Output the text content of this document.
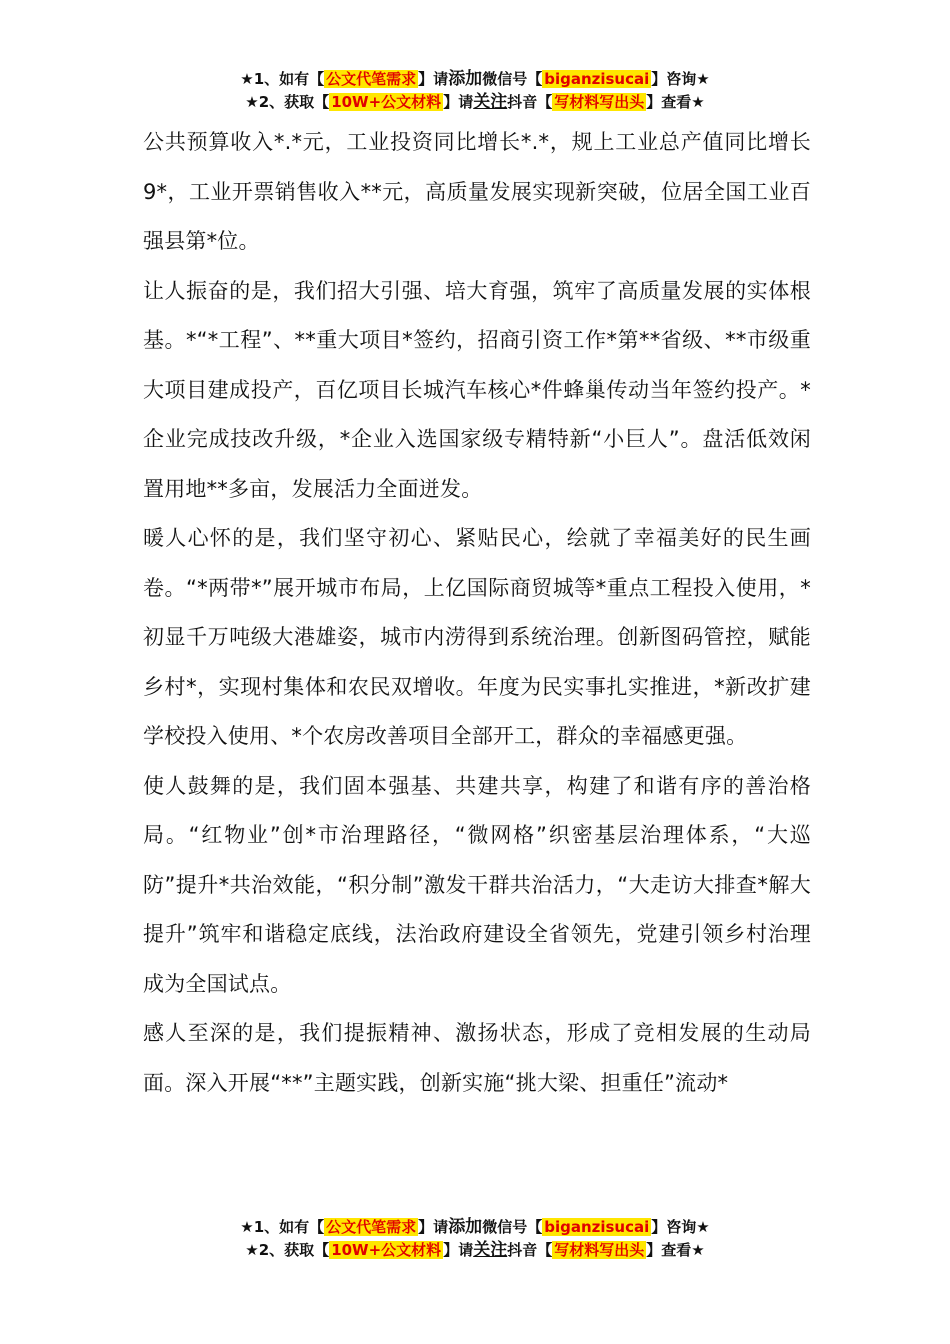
★1、如有【 公文代笔需求 】请添加微信号【 biganzisucai 】咨询★
★2、获取【 10W+公文材料 】请关注抖音【 写材料写出头 】查看★

公共预算收入*.*元，工业投资同比增长*.*，规上工业总产值同比增长9*，工业开票销售收入**元，高质量发展实现新突破，位居全国工业百强县第*位。

让人振奋的是，我们招大引强、培大育强，筑牢了高质量发展的实体根基。*“*工程”、**重大项目*签约，招商引资工作*第**省级、**市级重大项目建成投产，百亿项目长城汽车核心*件蜂巢传动当年签约投产。*企业完成技改升级，*企业入选国家级专精特新“小巨人”。盘活低效闲置用地**多亩，发展活力全面迸发。

暖人心怀的是，我们坚守初心、紧贴民心，绘就了幸福美好的民生画卷。“*两带*”展开城市布局，上亿国际商贸城等*重点工程投入使用，*初显千万吨级大港雄姿，城市内涝得到系统治理。创新图码管控，赋能乡村*，实现村集体和农民双增收。年度为民实事扎实推进，*新改扩建学校投入使用、*个农房改善项目全部开工，群众的幸福感更强。

使人鼓舞的是，我们固本强基、共建共享，构建了和谐有序的善治格局。“红物业”创*市治理路径，“微网格”织密基层治理体系，“大巡防”提升*共治效能，“积分制”激发干群共治活力，“大走访大排查*解大提升”筑牢和谐稳定底线，法治政府建设全省领先，党建引领乡村治理成为全国试点。

感人至深的是，我们提振精神、激扬状态，形成了竞相发展的生动局面。深入开展“**”主题实践，创新实施“挑大梁、担重任”流动*

★1、如有【 公文代笔需求 】请添加微信号【 biganzisucai 】咨询★
★2、获取【 10W+公文材料 】请关注抖音【 写材料写出头 】查看★
